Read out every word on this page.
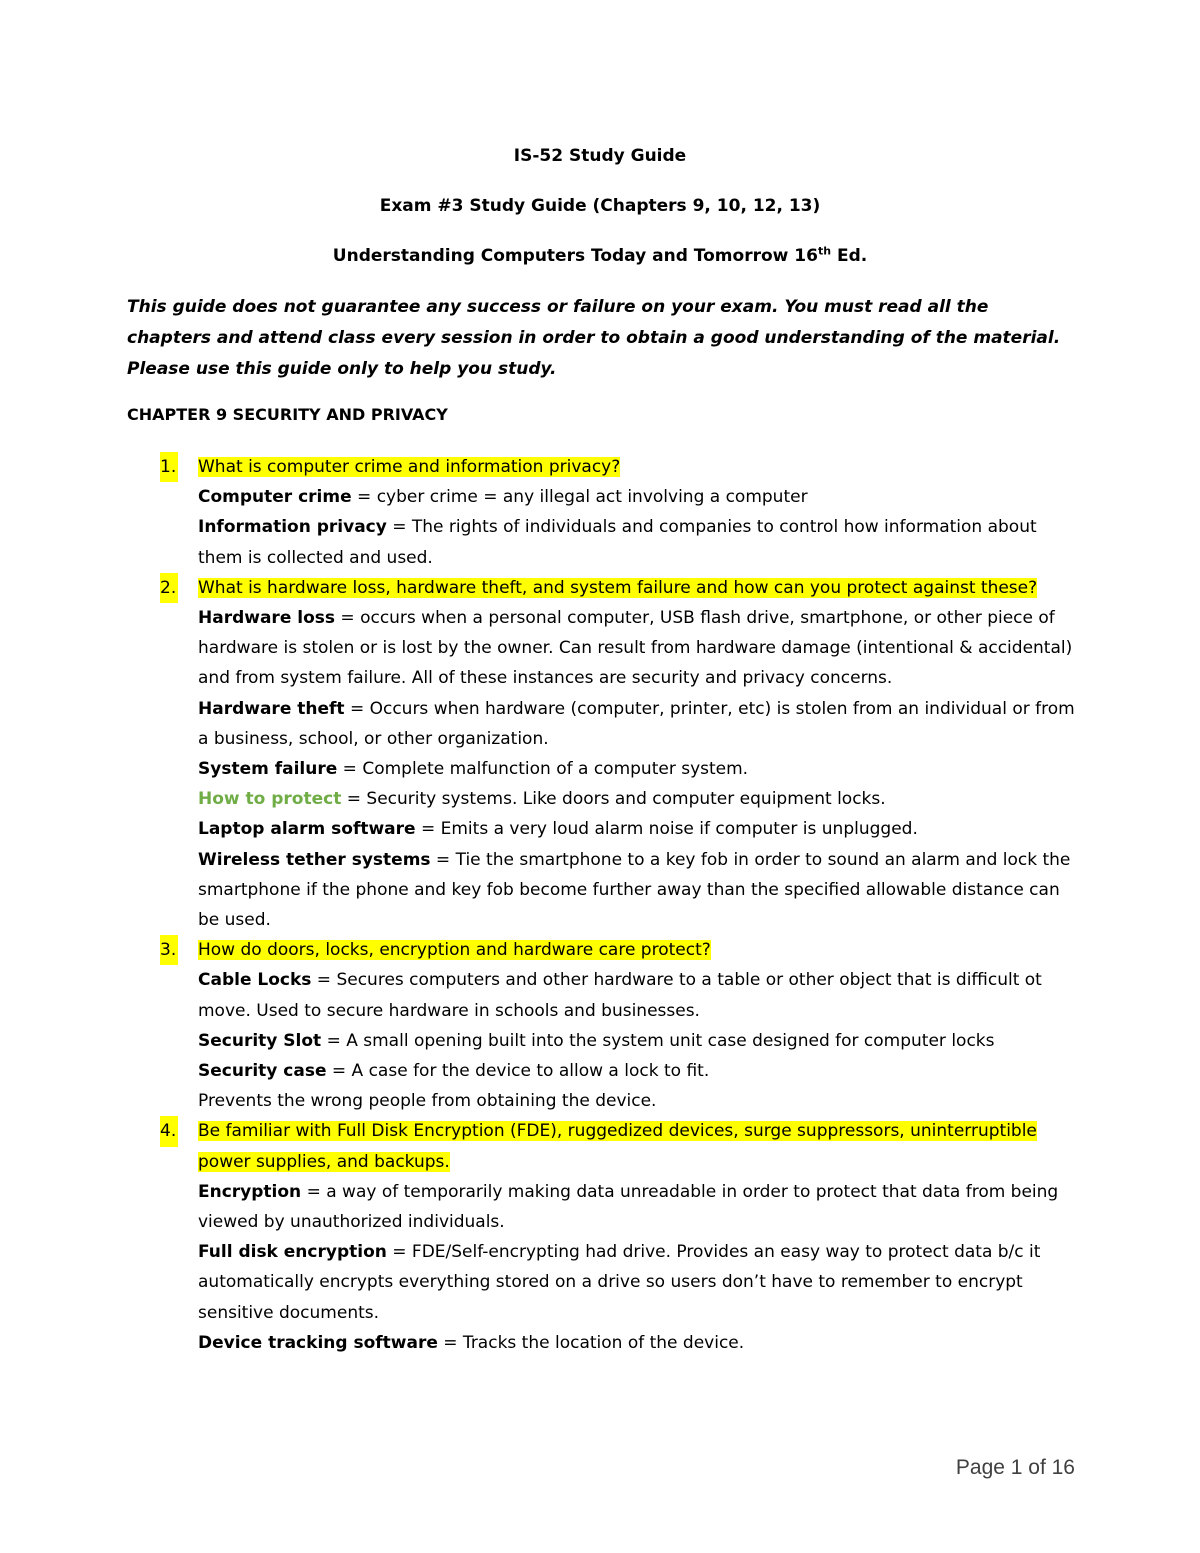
IS-52 Study Guide
Exam #3 Study Guide (Chapters 9, 10, 12, 13)
Understanding Computers Today and Tomorrow 16th Ed.
This guide does not guarantee any success or failure on your exam. You must read all the chapters and attend class every session in order to obtain a good understanding of the material. Please use this guide only to help you study.
CHAPTER 9 SECURITY AND PRIVACY
1. What is computer crime and information privacy?
Computer crime = cyber crime = any illegal act involving a computer
Information privacy = The rights of individuals and companies to control how information about them is collected and used.
2. What is hardware loss, hardware theft, and system failure and how can you protect against these?
Hardware loss = occurs when a personal computer, USB flash drive, smartphone, or other piece of hardware is stolen or is lost by the owner. Can result from hardware damage (intentional & accidental) and from system failure. All of these instances are security and privacy concerns.
Hardware theft = Occurs when hardware (computer, printer, etc) is stolen from an individual or from a business, school, or other organization.
System failure = Complete malfunction of a computer system.
How to protect = Security systems. Like doors and computer equipment locks.
Laptop alarm software = Emits a very loud alarm noise if computer is unplugged.
Wireless tether systems = Tie the smartphone to a key fob in order to sound an alarm and lock the smartphone if the phone and key fob become further away than the specified allowable distance can be used.
3. How do doors, locks, encryption and hardware care protect?
Cable Locks = Secures computers and other hardware to a table or other object that is difficult ot move. Used to secure hardware in schools and businesses.
Security Slot = A small opening built into the system unit case designed for computer locks
Security case = A case for the device to allow a lock to fit.
Prevents the wrong people from obtaining the device.
4. Be familiar with Full Disk Encryption (FDE), ruggedized devices, surge suppressors, uninterruptible power supplies, and backups.
Encryption = a way of temporarily making data unreadable in order to protect that data from being viewed by unauthorized individuals.
Full disk encryption = FDE/Self-encrypting had drive. Provides an easy way to protect data b/c it automatically encrypts everything stored on a drive so users don’t have to remember to encrypt sensitive documents.
Device tracking software = Tracks the location of the device.
Page 1 of 16
